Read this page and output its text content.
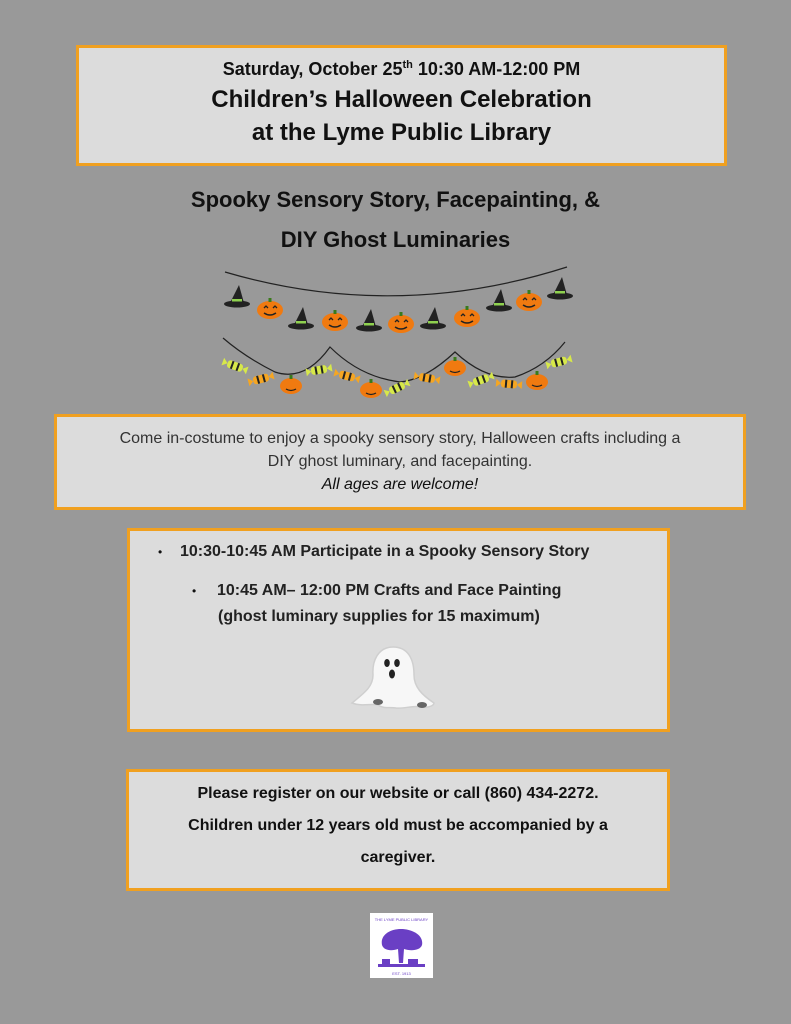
Saturday, October 25th 10:30 AM-12:00 PM
Children’s Halloween Celebration
at the Lyme Public Library
Spooky Sensory Story, Facepainting, &
DIY Ghost Luminaries
Come in-costume to enjoy a spooky sensory story, Halloween crafts including a
DIY ghost luminary, and facepainting.
All ages are welcome!
• 10:30-10:45 AM Participate in a Spooky Sensory Story
• 10:45 AM– 12:00 PM Crafts and Face Painting
(ghost luminary supplies for 15 maximum)
Please register on our website or call (860) 434-2272.
Children under 12 years old must be accompanied by a
caregiver.
THE LYME PUBLIC LIBRARY
EST. 1913
